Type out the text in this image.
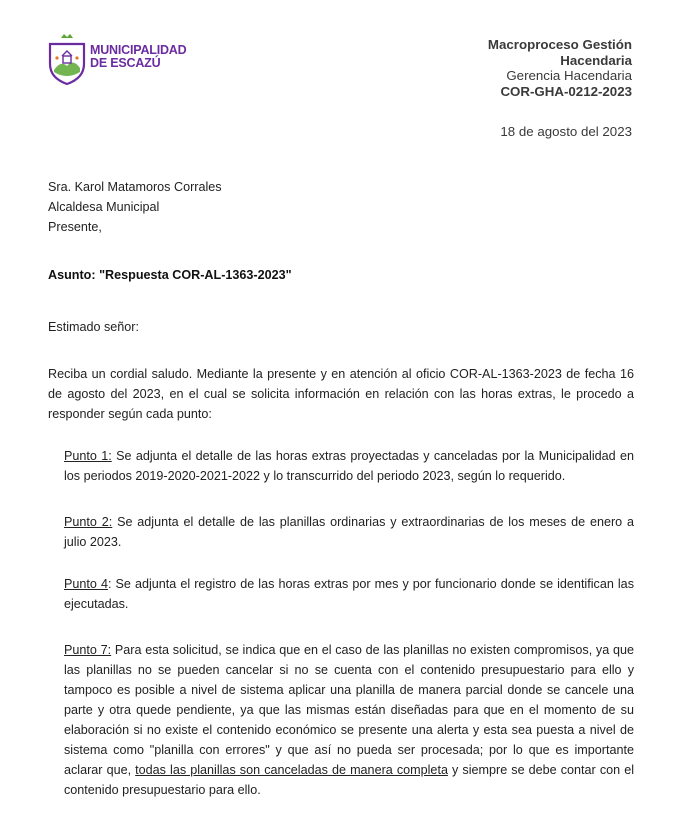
MUNICIPALIDAD
DE ESCAZÚ
Macroproceso Gestión
Hacendaria
Gerencia Hacendaria
COR-GHA-0212-2023
18 de agosto del 2023
Sra. Karol Matamoros Corrales
Alcaldesa Municipal
Presente,
Asunto: "Respuesta COR-AL-1363-2023"
Estimado señor:
Reciba un cordial saludo. Mediante la presente y en atención al oficio COR-AL-1363-2023 de fecha 16 de agosto del 2023, en el cual se solicita información en relación con las horas extras, le procedo a responder según cada punto:
Punto 1: Se adjunta el detalle de las horas extras proyectadas y canceladas por la Municipalidad en los periodos 2019-2020-2021-2022 y lo transcurrido del periodo 2023, según lo requerido.
Punto 2: Se adjunta el detalle de las planillas ordinarias y extraordinarias de los meses de enero a julio 2023.
Punto 4: Se adjunta el registro de las horas extras por mes y por funcionario donde se identifican las ejecutadas.
Punto 7: Para esta solicitud, se indica que en el caso de las planillas no existen compromisos, ya que las planillas no se pueden cancelar si no se cuenta con el contenido presupuestario para ello y tampoco es posible a nivel de sistema aplicar una planilla de manera parcial donde se cancele una parte y otra quede pendiente, ya que las mismas están diseñadas para que en el momento de su elaboración si no existe el contenido económico se presente una alerta y esta sea puesta a nivel de sistema como "planilla con errores" y que así no pueda ser procesada; por lo que es importante aclarar que, todas las planillas son canceladas de manera completa y siempre se debe contar con el contenido presupuestario para ello.
